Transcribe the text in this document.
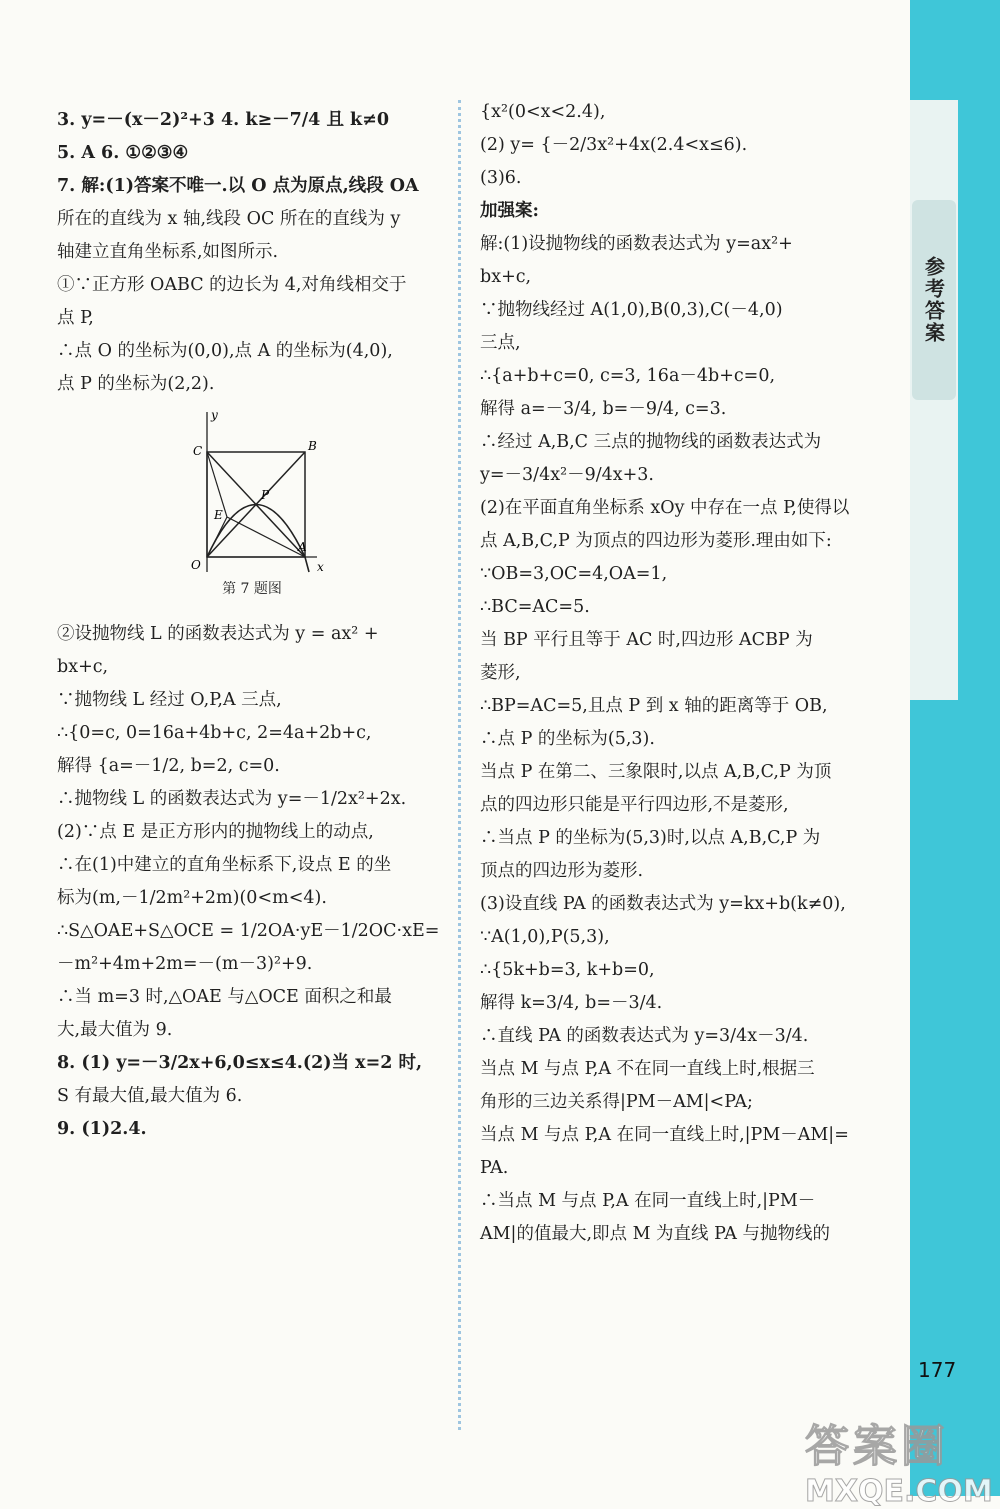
参考答案

3. y=－(x－2)²+3 4. k≥－7/4 且 k≠0

5. A 6. ①②③④

7. 解:(1)答案不唯一.以 O 点为原点,线段 OA

所在的直线为 x 轴,线段 OC 所在的直线为 y

轴建立直角坐标系,如图所示.

①∵正方形 OABC 的边长为 4,对角线相交于

点 P,

∴点 O 的坐标为(0,0),点 A 的坐标为(4,0),

点 P 的坐标为(2,2).

y
x
C	B
P
E
O
A
第 7 题图

②设抛物线 L 的函数表达式为 y = ax² +

bx+c,

∵抛物线 L 经过 O,P,A 三点,

∴{0=c, 0=16a+4b+c, 2=4a+2b+c,

解得 {a=－1/2, b=2, c=0.

∴抛物线 L 的函数表达式为 y=－1/2x²+2x.

(2)∵点 E 是正方形内的抛物线上的动点,

∴在(1)中建立的直角坐标系下,设点 E 的坐

标为(m,－1/2m²+2m)(0<m<4).

∴S△OAE+S△OCE = 1/2OA·yE－1/2OC·xE=

－m²+4m+2m=－(m－3)²+9.

∴当 m=3 时,△OAE 与△OCE 面积之和最

大,最大值为 9.

8. (1) y=－3/2x+6,0≤x≤4.(2)当 x=2 时,

S 有最大值,最大值为 6.

9. (1)2.4.

{x²(0<x<2.4),

(2) y= {－2/3x²+4x(2.4<x≤6).

(3)6.

加强案:

解:(1)设抛物线的函数表达式为 y=ax²+

bx+c,

∵抛物线经过 A(1,0),B(0,3),C(－4,0)

三点,

∴{a+b+c=0, c=3, 16a－4b+c=0,

解得 a=－3/4, b=－9/4, c=3.

∴经过 A,B,C 三点的抛物线的函数表达式为

y=－3/4x²－9/4x+3.

(2)在平面直角坐标系 xOy 中存在一点 P,使得以

点 A,B,C,P 为顶点的四边形为菱形.理由如下:

∵OB=3,OC=4,OA=1,

∴BC=AC=5.

当 BP 平行且等于 AC 时,四边形 ACBP 为

菱形,

∴BP=AC=5,且点 P 到 x 轴的距离等于 OB,

∴点 P 的坐标为(5,3).

当点 P 在第二、三象限时,以点 A,B,C,P 为顶

点的四边形只能是平行四边形,不是菱形,

∴当点 P 的坐标为(5,3)时,以点 A,B,C,P 为

顶点的四边形为菱形.

(3)设直线 PA 的函数表达式为 y=kx+b(k≠0),

∵A(1,0),P(5,3),

∴{5k+b=3, k+b=0,

解得 k=3/4, b=－3/4.

∴直线 PA 的函数表达式为 y=3/4x－3/4.

当点 M 与点 P,A 不在同一直线上时,根据三

角形的三边关系得|PM－AM|<PA;

当点 M 与点 P,A 在同一直线上时,|PM－AM|=

PA.

∴当点 M 与点 P,A 在同一直线上时,|PM－

AM|的值最大,即点 M 为直线 PA 与抛物线的

177
答案圈
MXQE.COM
